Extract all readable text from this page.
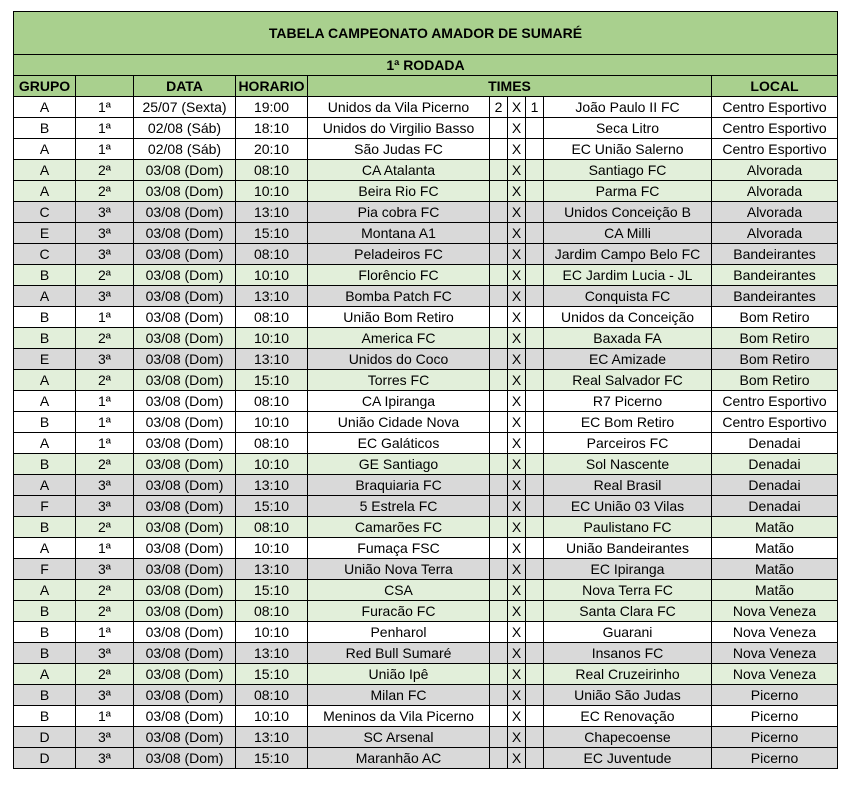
TABELA CAMPEONATO AMADOR DE SUMARÉ									
1ª RODADA									
GRUPO		DATA	HORARIO	TIMES					LOCAL
A	1ª	25/07 (Sexta)	19:00	Unidos da Vila Picerno	2	X	1	João Paulo II FC	Centro Esportivo
B	1ª	02/08 (Sáb)	18:10	Unidos do Virgilio Basso		X		Seca Litro	Centro Esportivo
A	1ª	02/08 (Sáb)	20:10	São Judas FC		X		EC União Salerno	Centro Esportivo
A	2ª	03/08 (Dom)	08:10	CA Atalanta		X		Santiago FC	Alvorada
A	2ª	03/08 (Dom)	10:10	Beira Rio FC		X		Parma FC	Alvorada
C	3ª	03/08 (Dom)	13:10	Pia cobra FC		X		Unidos Conceição B	Alvorada
E	3ª	03/08 (Dom)	15:10	Montana A1		X		CA Milli	Alvorada
C	3ª	03/08 (Dom)	08:10	Peladeiros FC		X		Jardim Campo Belo FC	Bandeirantes
B	2ª	03/08 (Dom)	10:10	Florêncio FC		X		EC Jardim Lucia - JL	Bandeirantes
A	3ª	03/08 (Dom)	13:10	Bomba Patch FC		X		Conquista FC	Bandeirantes
B	1ª	03/08 (Dom)	08:10	União Bom Retiro		X		Unidos da Conceição	Bom Retiro
B	2ª	03/08 (Dom)	10:10	America FC		X		Baxada FA	Bom Retiro
E	3ª	03/08 (Dom)	13:10	Unidos do Coco		X		EC Amizade	Bom Retiro
A	2ª	03/08 (Dom)	15:10	Torres FC		X		Real Salvador FC	Bom Retiro
A	1ª	03/08 (Dom)	08:10	CA Ipiranga		X		R7 Picerno	Centro Esportivo
B	1ª	03/08 (Dom)	10:10	União Cidade Nova		X		EC Bom Retiro	Centro Esportivo
A	1ª	03/08 (Dom)	08:10	EC Galáticos		X		Parceiros FC	Denadai
B	2ª	03/08 (Dom)	10:10	GE Santiago		X		Sol Nascente	Denadai
A	3ª	03/08 (Dom)	13:10	Braquiaria FC		X		Real Brasil	Denadai
F	3ª	03/08 (Dom)	15:10	5 Estrela FC		X		EC União 03 Vilas	Denadai
B	2ª	03/08 (Dom)	08:10	Camarões FC		X		Paulistano FC	Matão
A	1ª	03/08 (Dom)	10:10	Fumaça FSC		X		União Bandeirantes	Matão
F	3ª	03/08 (Dom)	13:10	União Nova Terra		X		EC Ipiranga	Matão
A	2ª	03/08 (Dom)	15:10	CSA		X		Nova Terra FC	Matão
B	2ª	03/08 (Dom)	08:10	Furacão FC		X		Santa Clara FC	Nova Veneza
B	1ª	03/08 (Dom)	10:10	Penharol		X		Guarani	Nova Veneza
B	3ª	03/08 (Dom)	13:10	Red Bull Sumaré		X		Insanos FC	Nova Veneza
A	2ª	03/08 (Dom)	15:10	União Ipê		X		Real Cruzeirinho	Nova Veneza
B	3ª	03/08 (Dom)	08:10	Milan FC		X		União São Judas	Picerno
B	1ª	03/08 (Dom)	10:10	Meninos da Vila Picerno		X		EC Renovação	Picerno
D	3ª	03/08 (Dom)	13:10	SC Arsenal		X		Chapecoense	Picerno
D	3ª	03/08 (Dom)	15:10	Maranhão AC		X		EC Juventude	Picerno
